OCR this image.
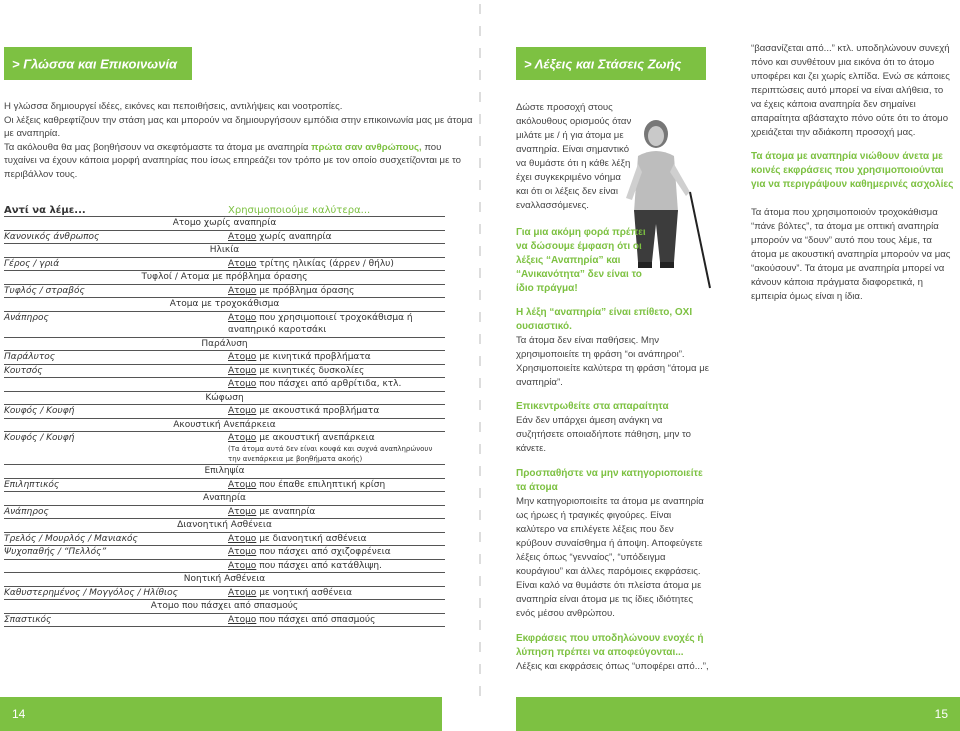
> Γλώσσα και Επικοινωνία

Η γλώσσα δημιουργεί ιδέες, εικόνες και πεποιθήσεις, αντιλήψεις και νοοτροπίες.

Οι λέξεις καθρεφτίζουν την στάση μας και μπορούν να δημιουργήσουν εμπόδια στην επικοινωνία μας με άτομα με αναπηρία.

Τα ακόλουθα θα μας βοηθήσουν να σκεφτόμαστε τα άτομα με αναπηρία πρώτα σαν ανθρώπους, που τυχαίνει να έχουν κάποια μορφή αναπηρίας που ίσως επηρεάζει τον τρόπο με τον οποίο συσχετίζονται με το περιβάλλον τους.

Αντί να λέμε...	Χρησιμοποιούμε καλύτερα...
Ατομο χωρίς αναπηρία
Κανονικός άνθρωπος	Ατομο χωρίς αναπηρία
Ηλικία
Γέρος / γριά	Ατομο τρίτης ηλικίας (άρρεν / θήλυ)
Τυφλοί / Ατομα με πρόβλημα όρασης
Τυφλός / στραβός	Ατομο με πρόβλημα όρασης
Ατομα με τροχοκάθισμα
Ανάπηρος	Ατομο που χρησιμοποιεί τροχοκάθισμα ή αναπηρικό καροτσάκι
Παράλυση
Παράλυτος	Ατομο με κινητικά προβλήματα
Κουτσός	Ατομο με κινητικές δυσκολίες
Ατομο που πάσχει από αρθρίτιδα, κτλ.
Κώφωση
Κουφός / Κουφή	Ατομο με ακουστικά προβλήματα
Ακουστική Ανεπάρκεια
Κουφός / Κουφή	Ατομο με ακουστική ανεπάρκεια
(Τα άτομα αυτά δεν είναι κουφά και συχνά αναπληρώνουν την ανεπάρκεια με βοηθήματα ακοής)
Επιληψία
Επιληπτικός	Ατομο που έπαθε επιληπτική κρίση
Αναπηρία
Ανάπηρος	Ατομο με αναπηρία
Διανοητική Ασθένεια
Τρελός / Μουρλός / Μανιακός	Ατομο με διανοητική ασθένεια
Ψυχοπαθής / “Πελλός”	Ατομο που πάσχει από σχιζοφρένεια
Ατομο που πάσχει από κατάθλιψη.
Νοητική Ασθένεια
Καθυστερημένος / Μογγόλος / Ηλίθιος	Ατομο με νοητική ασθένεια
Ατομο που πάσχει από σπασμούς
Σπαστικός	Ατομο που πάσχει από σπασμούς
14
> Λέξεις και Στάσεις Ζωής

Δώστε προσοχή στους ακόλουθους ορισμούς όταν μιλάτε με / ή για άτομα με αναπηρία. Είναι σημαντικό να θυμάστε ότι η κάθε λέξη έχει συγκεκριμένο νόημα και ότι οι λέξεις δεν είναι εναλλασσόμενες.

Για μια ακόμη φορά πρέπει να δώσουμε έμφαση ότι οι λέξεις “Αναπηρία” και “Ανικανότητα” δεν είναι το ίδιο πράγμα!

Η λέξη “αναπηρία” είναι επίθετο, ΟΧΙ ουσιαστικό.

Τα άτομα δεν είναι παθήσεις. Μην χρησιμοποιείτε τη φράση “οι ανάπηροι”. Χρησιμοποιείτε καλύτερα τη φράση “άτομα με αναπηρία”.

Επικεντρωθείτε στα απαραίτητα

Εάν δεν υπάρχει άμεση ανάγκη να συζητήσετε οποιαδήποτε πάθηση, μην το κάνετε.

Προσπαθήστε να μην κατηγοριοποιείτε τα άτομα

Μην κατηγοριοποιείτε τα άτομα με αναπηρία ως ήρωες ή τραγικές φιγούρες. Είναι καλύτερο να επιλέγετε λέξεις που δεν κρύβουν συναίσθημα ή άποψη. Αποφεύγετε λέξεις όπως “γενναίος”, “υπόδειγμα κουράγιου” και άλλες παρόμοιες εκφράσεις. Είναι καλό να θυμάστε ότι πλείστα άτομα με αναπηρία είναι άτομα με τις ίδιες ιδιότητες ενός μέσου ανθρώπου.

Εκφράσεις που υποδηλώνουν ενοχές ή λύπηση πρέπει να αποφεύγονται...

Λέξεις και εκφράσεις όπως “υποφέρει από...”,

“βασανίζεται από...” κτλ. υποδηλώνουν συνεχή πόνο και συνθέτουν μια εικόνα ότι το άτομο υποφέρει και ζει χωρίς ελπίδα. Ενώ σε κάποιες περιπτώσεις αυτό μπορεί να είναι αλήθεια, το να έχεις κάποια αναπηρία δεν σημαίνει απαραίτητα αβάσταχτο πόνο ούτε ότι το άτομο χρειάζεται την αδιάκοπη προσοχή μας.

Τα άτομα με αναπηρία νιώθουν άνετα με κοινές εκφράσεις που χρησιμοποιούνται για να περιγράψουν καθημερινές ασχολίες

Τα άτομα που χρησιμοποιούν τροχοκάθισμα “πάνε βόλτες”, τα άτομα με οπτική αναπηρία μπορούν να “δουν” αυτό που τους λέμε, τα άτομα με ακουστική αναπηρία μπορούν να μας “ακούσουν”. Τα άτομα με αναπηρία μπορεί να κάνουν κάποια πράγματα διαφορετικά, η εμπειρία όμως είναι η ίδια.

15
